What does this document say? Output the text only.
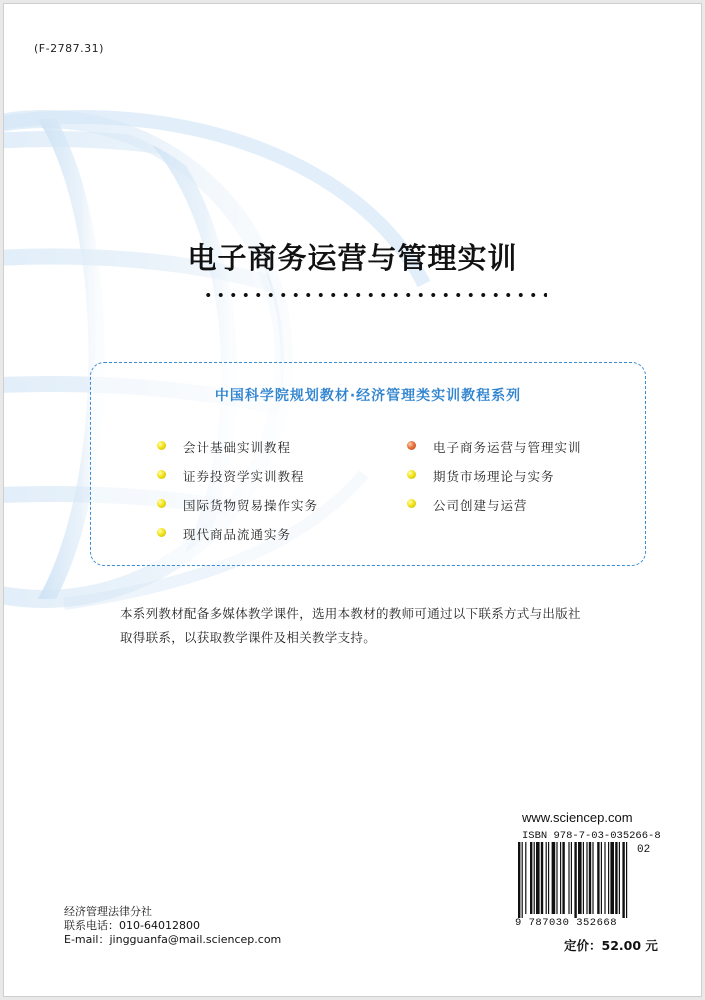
(F-2787.31)
电子商务运营与管理实训
中国科学院规划教材·经济管理类实训教程系列
会计基础实训教程	电子商务运营与管理实训
证券投资学实训教程	期货市场理论与实务
国际货物贸易操作实务	公司创建与运营
现代商品流通实务
本系列教材配备多媒体教学课件，选用本教材的教师可通过以下联系方式与出版社
取得联系，以获取教学课件及相关教学支持。
www.sciencep.com
ISBN 978-7-03-035266-8
02
9 787030 352668
定价：52.00 元
经济管理法律分社
联系电话：010-64012800
E-mail：jingguanfa@mail.sciencep.com
